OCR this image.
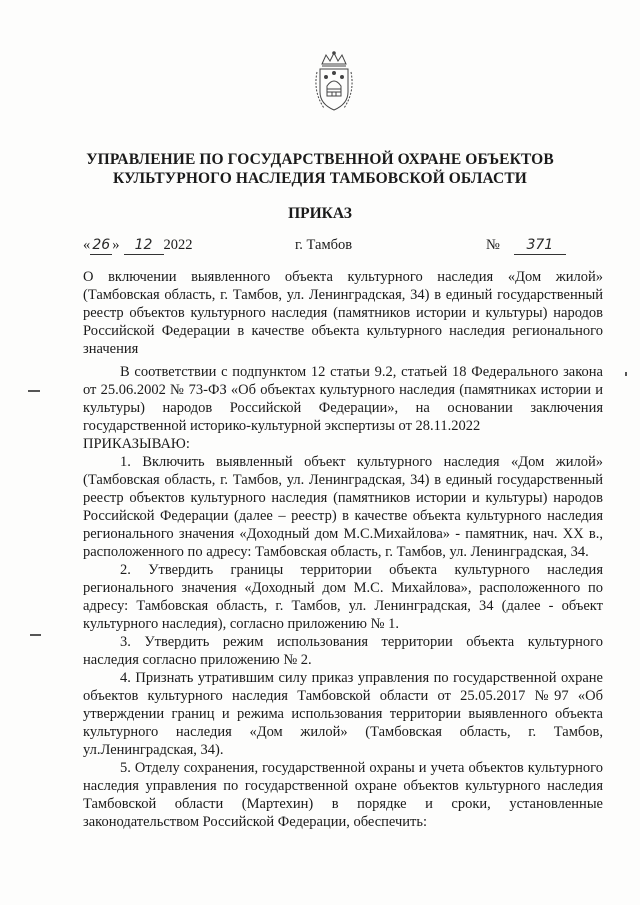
УПРАВЛЕНИЕ ПО ГОСУДАРСТВЕННОЙ ОХРАНЕ ОБЪЕКТОВ
КУЛЬТУРНОГО НАСЛЕДИЯ ТАМБОВСКОЙ ОБЛАСТИ
ПРИКАЗ
« 26 » 12 2022	г. Тамбов	№ 371
О включении выявленного объекта культурного наследия «Дом жилой» (Тамбовская область, г. Тамбов, ул. Ленинградская, 34) в единый государственный реестр объектов культурного наследия (памятников истории и культуры) народов Российской Федерации в качестве объекта культурного наследия регионального значения

В соответствии с подпунктом 12 статьи 9.2, статьей 18 Федерального закона от 25.06.2002 № 73-ФЗ «Об объектах культурного наследия (памятниках истории и культуры) народов Российской Федерации», на основании заключения государственной историко-культурной экспертизы от 28.11.2022

ПРИКАЗЫВАЮ:

1. Включить выявленный объект культурного наследия «Дом жилой» (Тамбовская область, г. Тамбов, ул. Ленинградская, 34) в единый государственный реестр объектов культурного наследия (памятников истории и культуры) народов Российской Федерации (далее – реестр) в качестве объекта культурного наследия регионального значения «Доходный дом М.С.Михайлова» - памятник, нач. XX в., расположенного по адресу: Тамбовская область, г. Тамбов, ул. Ленинградская, 34.

2. Утвердить границы территории объекта культурного наследия регионального значения «Доходный дом М.С. Михайлова», расположенного по адресу: Тамбовская область, г. Тамбов, ул. Ленинградская, 34 (далее - объект культурного наследия), согласно приложению № 1.

3. Утвердить режим использования территории объекта культурного наследия согласно приложению № 2.

4. Признать утратившим силу приказ управления по государственной охране объектов культурного наследия Тамбовской области от 25.05.2017 №97 «Об утверждении границ и режима использования территории выявленного объекта культурного наследия «Дом жилой» (Тамбовская область, г. Тамбов, ул.Ленинградская, 34).

5. Отделу сохранения, государственной охраны и учета объектов культурного наследия управления по государственной охране объектов культурного наследия Тамбовской области (Мартехин) в порядке и сроки, установленные законодательством Российской Федерации, обеспечить:
